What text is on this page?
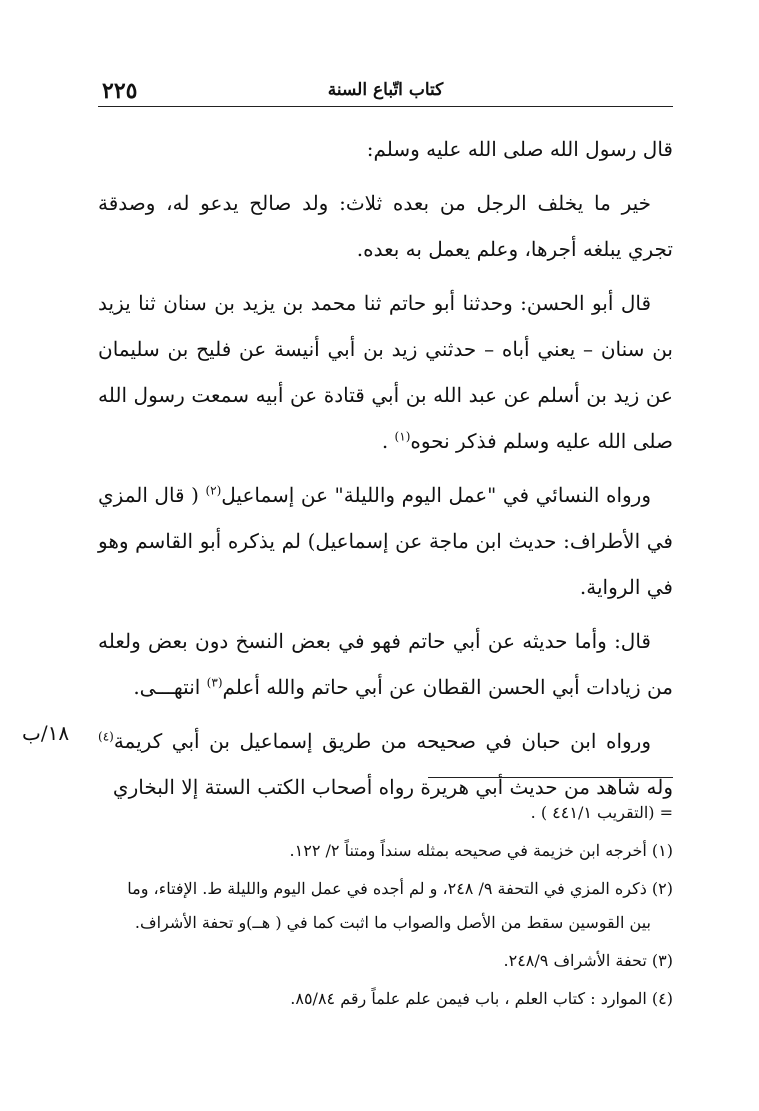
٢٢٥	كتاب اتّباع السنة

قال رسول الله صلى الله عليه وسلم:

خير ما يخلف الرجل من بعده ثلاث: ولد صالح يدعو له، وصدقة تجري يبلغه أجرها، وعلم يعمل به بعده.

قال أبو الحسن: وحدثنا أبو حاتم ثنا محمد بن يزيد بن سنان ثنا يزيد بن سنان – يعني أباه – حدثني زيد بن أبي أنيسة عن فليح بن سليمان عن زيد بن أسلم عن عبد الله بن أبي قتادة عن أبيه سمعت رسول الله صلى الله عليه وسلم فذكر نحوه$^{(١)}$ .

ورواه النسائي في "عمل اليوم والليلة" عن إسماعيل$^{(٢)}$ ( قال المزي في الأطراف: حديث ابن ماجة عن إسماعيل) لم يذكره أبو القاسم وهو في الرواية.

قال: وأما حديثه عن أبي حاتم فهو في بعض النسخ دون بعض ولعله من زيادات أبي الحسن القطان عن أبي حاتم والله أعلم$^{(٣)}$ انتهـــى.

ورواه ابن حبان في صحيحه من طريق إسماعيل بن أبي كريمة$^{(٤)}$ وله شاهد من حديث أبي هريرة رواه أصحاب الكتب الستة إلا البخاري

١٨/ب

= (التقريب ٤٤١/١ ) .

(١) أخرجه ابن خزيمة في صحيحه بمثله سنداً ومتناً ٢/ ١٢٢.

(٢) ذكره المزي في التحفة ٩/ ٢٤٨، و لم أجده في عمل اليوم والليلة ط. الإفتاء، وما
بين القوسين سقط من الأصل والصواب ما اثبت كما في ( هــ)و تحفة الأشراف.

(٣) تحفة الأشراف ٢٤٨/٩.

(٤) الموارد : كتاب العلم ، باب فيمن علم علماً رقم ٨٥/٨٤.
